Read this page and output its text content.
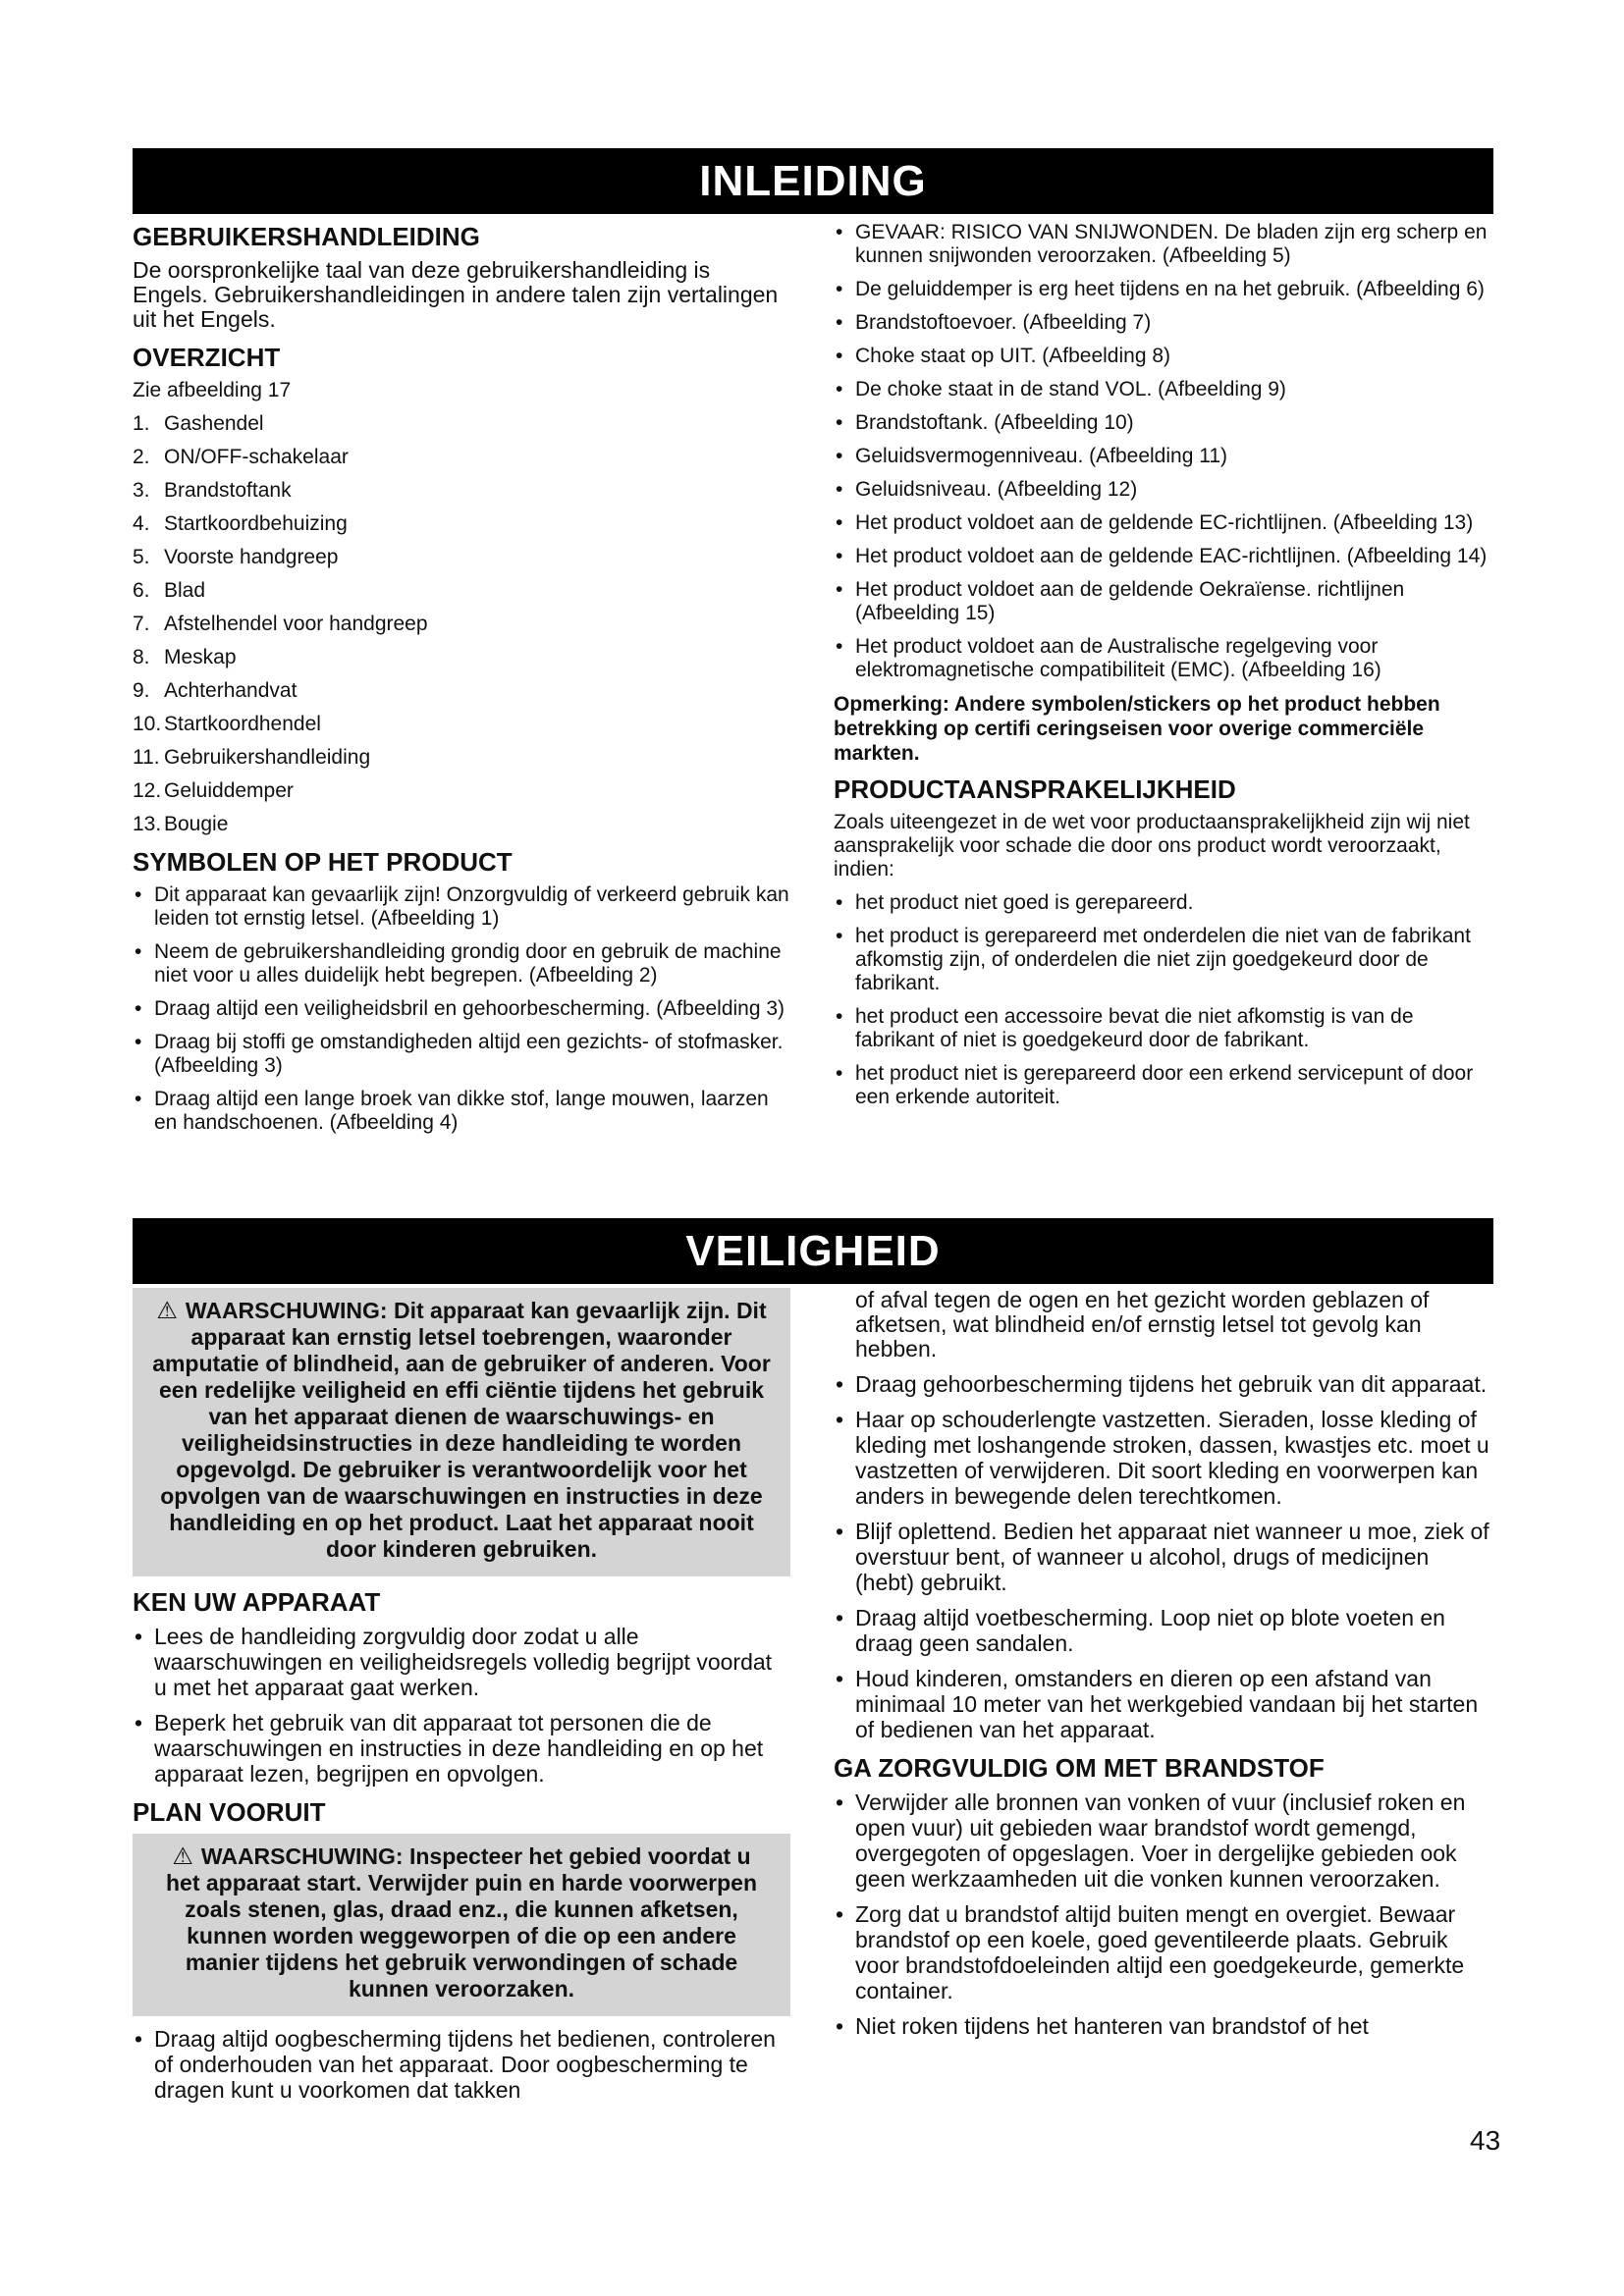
INLEIDING
GEBRUIKERSHANDLEIDING

De oorspronkelijke taal van deze gebruikershandleiding is Engels. Gebruikershandleidingen in andere talen zijn vertalingen uit het Engels.

OVERZICHT

Zie afbeelding 17

1. Gashendel
2. ON/OFF-schakelaar
3. Brandstoftank
4. Startkoordbehuizing
5. Voorste handgreep
6. Blad
7. Afstelhendel voor handgreep
8. Meskap
9. Achterhandvat
10. Startkoordhendel
11. Gebruikershandleiding
12. Geluiddemper
13. Bougie
SYMBOLEN OP HET PRODUCT
• Dit apparaat kan gevaarlijk zijn! Onzorgvuldig of verkeerd gebruik kan leiden tot ernstig letsel. (Afbeelding 1)
• Neem de gebruikershandleiding grondig door en gebruik de machine niet voor u alles duidelijk hebt begrepen. (Afbeelding 2)
• Draag altijd een veiligheidsbril en gehoorbescherming. (Afbeelding 3)
• Draag bij stoffi ge omstandigheden altijd een gezichts- of stofmasker. (Afbeelding 3)
• Draag altijd een lange broek van dikke stof, lange mouwen, laarzen en handschoenen. (Afbeelding 4)
• GEVAAR: RISICO VAN SNIJWONDEN. De bladen zijn erg scherp en kunnen snijwonden veroorzaken. (Afbeelding 5)
• De geluiddemper is erg heet tijdens en na het gebruik. (Afbeelding 6)
• Brandstoftoevoer. (Afbeelding 7)
• Choke staat op UIT. (Afbeelding 8)
• De choke staat in de stand VOL. (Afbeelding 9)
• Brandstoftank. (Afbeelding 10)
• Geluidsvermogenniveau. (Afbeelding 11)
• Geluidsniveau. (Afbeelding 12)
• Het product voldoet aan de geldende EC-richtlijnen. (Afbeelding 13)
• Het product voldoet aan de geldende EAC-richtlijnen. (Afbeelding 14)
• Het product voldoet aan de geldende Oekraïense. richtlijnen (Afbeelding 15)
• Het product voldoet aan de Australische regelgeving voor elektromagnetische compatibiliteit (EMC). (Afbeelding 16)
Opmerking: Andere symbolen/stickers op het product hebben betrekking op certifi ceringseisen voor overige commerciële markten.
PRODUCTAANSPRAKELIJKHEID

Zoals uiteengezet in de wet voor productaansprakelijkheid zijn wij niet aansprakelijk voor schade die door ons product wordt veroorzaakt, indien:

• het product niet goed is gerepareerd.
• het product is gerepareerd met onderdelen die niet van de fabrikant afkomstig zijn, of onderdelen die niet zijn goedgekeurd door de fabrikant.
• het product een accessoire bevat die niet afkomstig is van de fabrikant of niet is goedgekeurd door de fabrikant.
• het product niet is gerepareerd door een erkend servicepunt of door een erkende autoriteit.
VEILIGHEID
⚠ WAARSCHUWING: Dit apparaat kan gevaarlijk zijn. Dit apparaat kan ernstig letsel toebrengen, waaronder amputatie of blindheid, aan de gebruiker of anderen. Voor een redelijke veiligheid en effi ciëntie tijdens het gebruik van het apparaat dienen de waarschuwings- en veiligheidsinstructies in deze handleiding te worden opgevolgd. De gebruiker is verantwoordelijk voor het opvolgen van de waarschuwingen en instructies in deze handleiding en op het product. Laat het apparaat nooit door kinderen gebruiken.
KEN UW APPARAAT
• Lees de handleiding zorgvuldig door zodat u alle waarschuwingen en veiligheidsregels volledig begrijpt voordat u met het apparaat gaat werken.
• Beperk het gebruik van dit apparaat tot personen die de waarschuwingen en instructies in deze handleiding en op het apparaat lezen, begrijpen en opvolgen.
PLAN VOORUIT
⚠ WAARSCHUWING: Inspecteer het gebied voordat u het apparaat start. Verwijder puin en harde voorwerpen zoals stenen, glas, draad enz., die kunnen afketsen, kunnen worden weggeworpen of die op een andere manier tijdens het gebruik verwondingen of schade kunnen veroorzaken.
• Draag altijd oogbescherming tijdens het bedienen, controleren of onderhouden van het apparaat. Door oogbescherming te dragen kunt u voorkomen dat takken

of afval tegen de ogen en het gezicht worden geblazen of afketsen, wat blindheid en/of ernstig letsel tot gevolg kan hebben.

• Draag gehoorbescherming tijdens het gebruik van dit apparaat.
• Haar op schouderlengte vastzetten. Sieraden, losse kleding of kleding met loshangende stroken, dassen, kwastjes etc. moet u vastzetten of verwijderen. Dit soort kleding en voorwerpen kan anders in bewegende delen terechtkomen.
• Blijf oplettend. Bedien het apparaat niet wanneer u moe, ziek of overstuur bent, of wanneer u alcohol, drugs of medicijnen (hebt) gebruikt.
• Draag altijd voetbescherming. Loop niet op blote voeten en draag geen sandalen.
• Houd kinderen, omstanders en dieren op een afstand van minimaal 10 meter van het werkgebied vandaan bij het starten of bedienen van het apparaat.
GA ZORGVULDIG OM MET BRANDSTOF
• Verwijder alle bronnen van vonken of vuur (inclusief roken en open vuur) uit gebieden waar brandstof wordt gemengd, overgegoten of opgeslagen. Voer in dergelijke gebieden ook geen werkzaamheden uit die vonken kunnen veroorzaken.
• Zorg dat u brandstof altijd buiten mengt en overgiet. Bewaar brandstof op een koele, goed geventileerde plaats. Gebruik voor brandstofdoeleinden altijd een goedgekeurde, gemerkte container.
• Niet roken tijdens het hanteren van brandstof of het
43
